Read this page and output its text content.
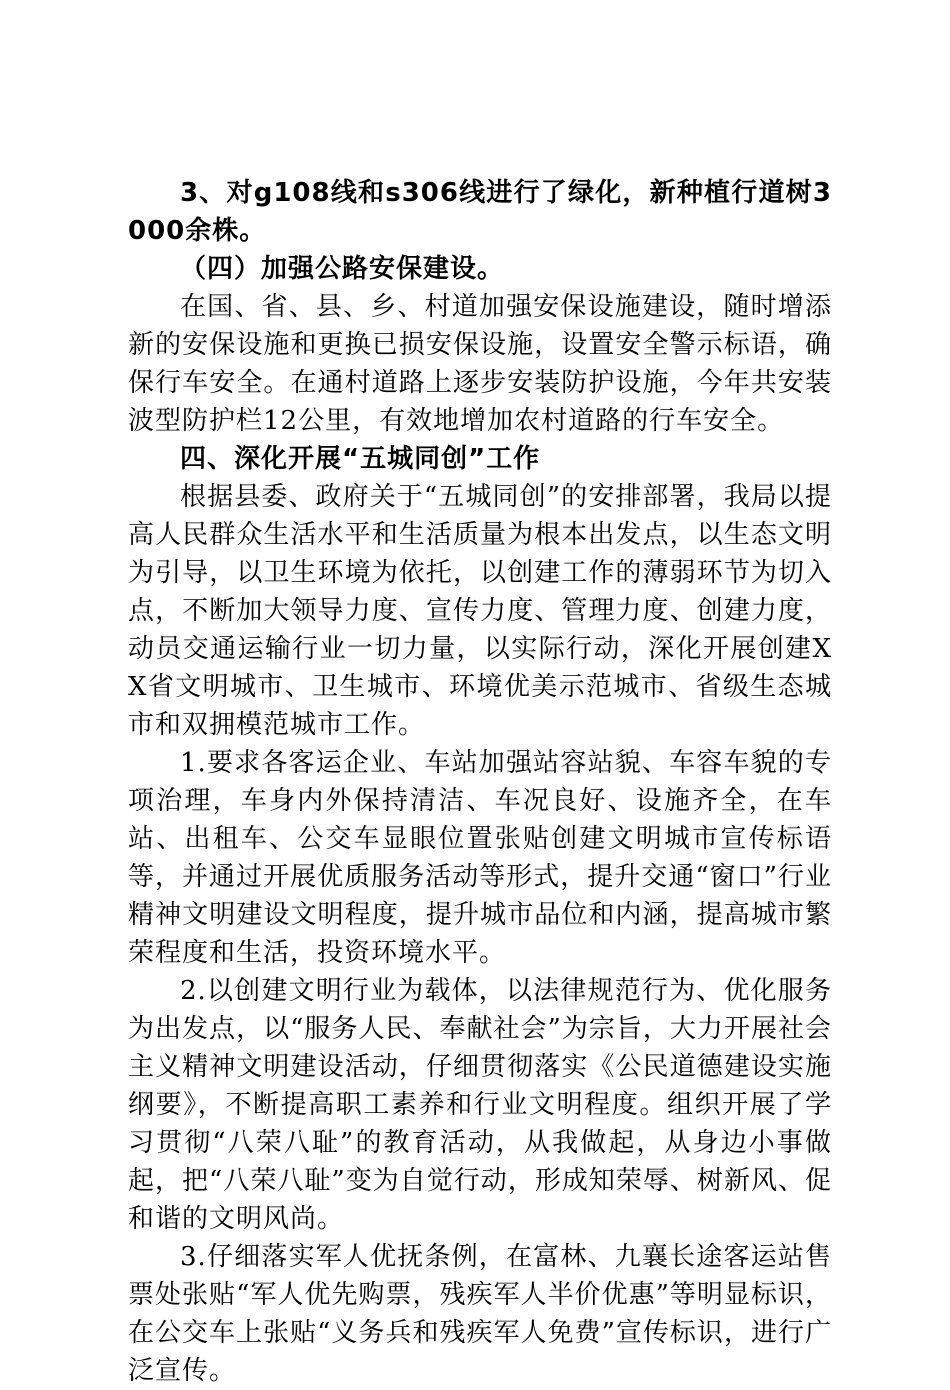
3、对g108线和s306线进行了绿化，新种植行道树3000余株。

（四）加强公路安保建设。

在国、省、县、乡、村道加强安保设施建设，随时增添新的安保设施和更换已损安保设施，设置安全警示标语，确保行车安全。在通村道路上逐步安装防护设施，今年共安装波型防护栏12公里，有效地增加农村道路的行车安全。

四、深化开展“五城同创”工作

根据县委、政府关于“五城同创”的安排部署，我局以提高人民群众生活水平和生活质量为根本出发点，以生态文明为引导，以卫生环境为依托，以创建工作的薄弱环节为切入点，不断加大领导力度、宣传力度、管理力度、创建力度，动员交通运输行业一切力量，以实际行动，深化开展创建XX省文明城市、卫生城市、环境优美示范城市、省级生态城市和双拥模范城市工作。

1.要求各客运企业、车站加强站容站貌、车容车貌的专项治理，车身内外保持清洁、车况良好、设施齐全，在车站、出租车、公交车显眼位置张贴创建文明城市宣传标语等，并通过开展优质服务活动等形式，提升交通“窗口”行业精神文明建设文明程度，提升城市品位和内涵，提高城市繁荣程度和生活，投资环境水平。

2.以创建文明行业为载体，以法律规范行为、优化服务为出发点，以“服务人民、奉献社会”为宗旨，大力开展社会主义精神文明建设活动，仔细贯彻落实《公民道德建设实施纲要》，不断提高职工素养和行业文明程度。组织开展了学习贯彻“八荣八耻”的教育活动，从我做起，从身边小事做起，把“八荣八耻”变为自觉行动，形成知荣辱、树新风、促和谐的文明风尚。

3.仔细落实军人优抚条例，在富林、九襄长途客运站售票处张贴“军人优先购票，残疾军人半价优惠”等明显标识，在公交车上张贴“义务兵和残疾军人免费”宣传标识，进行广泛宣传。
